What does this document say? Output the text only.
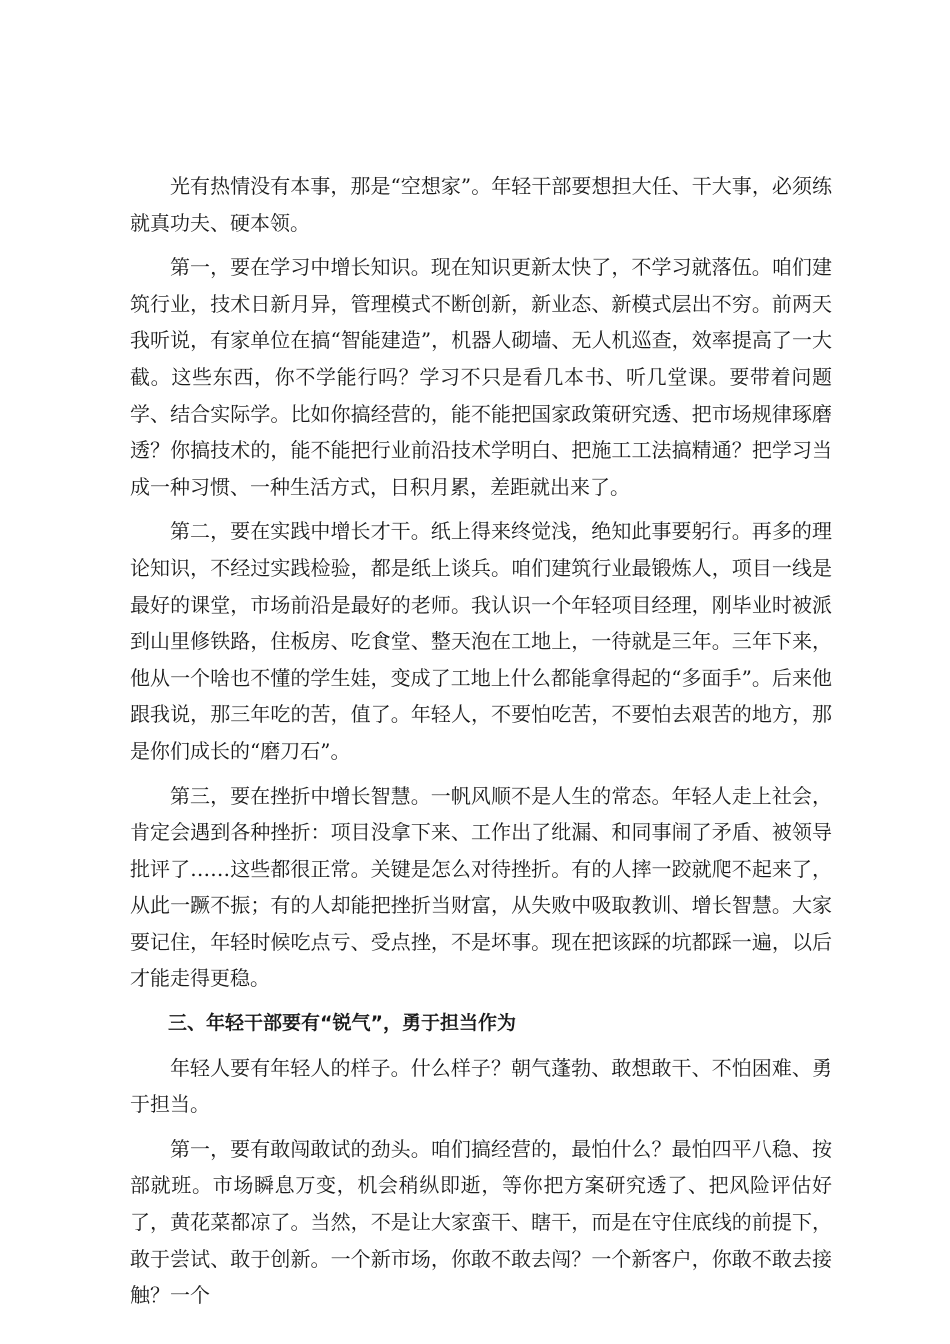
光有热情没有本事，那是“空想家”。年轻干部要想担大任、干大事，必须练就真功夫、硬本领。

第一，要在学习中增长知识。现在知识更新太快了，不学习就落伍。咱们建筑行业，技术日新月异，管理模式不断创新，新业态、新模式层出不穷。前两天我听说，有家单位在搞“智能建造”，机器人砌墙、无人机巡查，效率提高了一大截。这些东西，你不学能行吗？学习不只是看几本书、听几堂课。要带着问题学、结合实际学。比如你搞经营的，能不能把国家政策研究透、把市场规律琢磨透？你搞技术的，能不能把行业前沿技术学明白、把施工工法搞精通？把学习当成一种习惯、一种生活方式，日积月累，差距就出来了。

第二，要在实践中增长才干。纸上得来终觉浅，绝知此事要躬行。再多的理论知识，不经过实践检验，都是纸上谈兵。咱们建筑行业最锻炼人，项目一线是最好的课堂，市场前沿是最好的老师。我认识一个年轻项目经理，刚毕业时被派到山里修铁路，住板房、吃食堂、整天泡在工地上，一待就是三年。三年下来，他从一个啥也不懂的学生娃，变成了工地上什么都能拿得起的“多面手”。后来他跟我说，那三年吃的苦，值了。年轻人，不要怕吃苦，不要怕去艰苦的地方，那是你们成长的“磨刀石”。

第三，要在挫折中增长智慧。一帆风顺不是人生的常态。年轻人走上社会，肯定会遇到各种挫折：项目没拿下来、工作出了纰漏、和同事闹了矛盾、被领导批评了……这些都很正常。关键是怎么对待挫折。有的人摔一跤就爬不起来了，从此一蹶不振；有的人却能把挫折当财富，从失败中吸取教训、增长智慧。大家要记住，年轻时候吃点亏、受点挫，不是坏事。现在把该踩的坑都踩一遍，以后才能走得更稳。

三、年轻干部要有“锐气”，勇于担当作为

年轻人要有年轻人的样子。什么样子？朝气蓬勃、敢想敢干、不怕困难、勇于担当。

第一，要有敢闯敢试的劲头。咱们搞经营的，最怕什么？最怕四平八稳、按部就班。市场瞬息万变，机会稍纵即逝，等你把方案研究透了、把风险评估好了，黄花菜都凉了。当然，不是让大家蛮干、瞎干，而是在守住底线的前提下，敢于尝试、敢于创新。一个新市场，你敢不敢去闯？一个新客户，你敢不敢去接触？一个
